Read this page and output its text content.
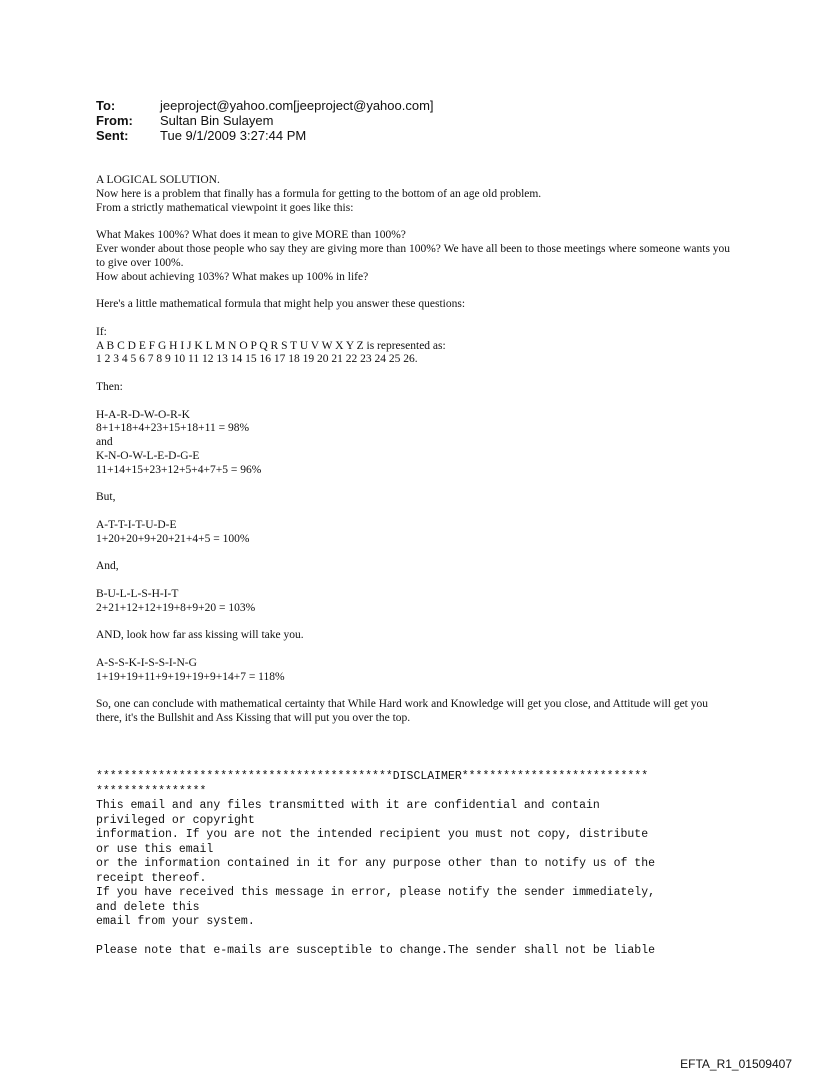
To:	jeeproject@yahoo.com[jeeproject@yahoo.com]
From:	Sultan Bin Sulayem
Sent:	Tue 9/1/2009 3:27:44 PM

A LOGICAL SOLUTION.
Now here is a problem that finally has a formula for getting to the bottom of an age old problem.
From a strictly mathematical viewpoint it goes like this:

What Makes 100%? What does it mean to give MORE than 100%?
Ever wonder about those people who say they are giving more than 100%? We have all been to those meetings where someone wants you to give over 100%.
How about achieving 103%? What makes up 100% in life?

Here's a little mathematical formula that might help you answer these questions:

If:
A B C D E F G H I J K L M N O P Q R S T U V W X Y Z is represented as:
1 2 3 4 5 6 7 8 9 10 11 12 13 14 15 16 17 18 19 20 21 22 23 24 25 26.

Then:

H-A-R-D-W-O-R-K
8+1+18+4+23+15+18+11 = 98%
and
K-N-O-W-L-E-D-G-E
11+14+15+23+12+5+4+7+5 = 96%

But,

A-T-T-I-T-U-D-E
1+20+20+9+20+21+4+5 = 100%

And,

B-U-L-L-S-H-I-T
2+21+12+12+19+8+9+20 = 103%

AND, look how far ass kissing will take you.

A-S-S-K-I-S-S-I-N-G
1+19+19+11+9+19+19+9+14+7 = 118%

So, one can conclude with mathematical certainty that While Hard work and Knowledge will get you close, and Attitude will get you there, it's the Bullshit and Ass Kissing that will put you over the top.

*******************************************DISCLAIMER***************************
****************
This email and any files transmitted with it are confidential and contain
privileged or copyright
information. If you are not the intended recipient you must not copy, distribute
or use this email
or the information contained in it for any purpose other than to notify us of the
receipt thereof.
If you have received this message in error, please notify the sender immediately,
and delete this
email from your system.
Please note that e-mails are susceptible to change.The sender shall not be liable
EFTA_R1_01509407
